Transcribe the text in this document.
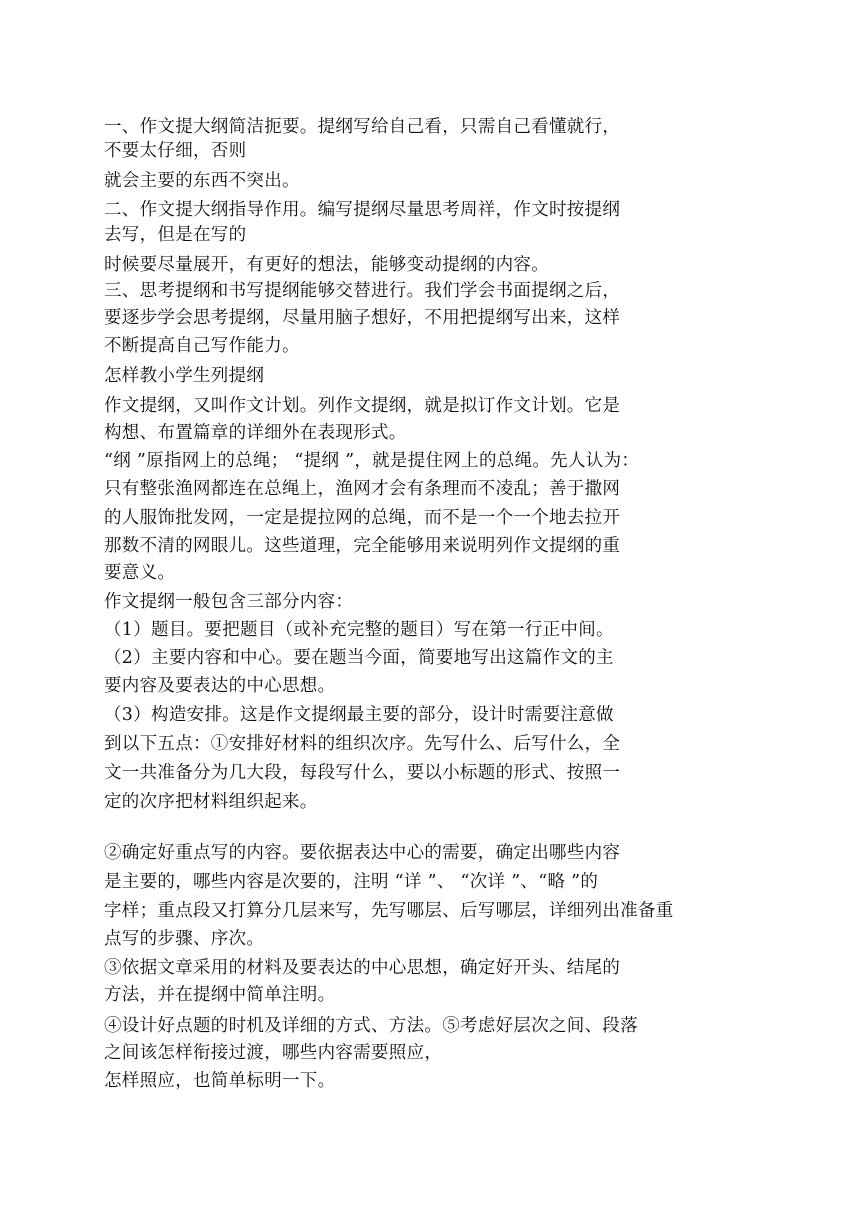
一、作文提大纲简洁扼要。提纲写给自己看，只需自己看懂就行，
不要太仔细，否则
就会主要的东西不突出。
二、作文提大纲指导作用。编写提纲尽量思考周祥，作文时按提纲
去写，但是在写的
时候要尽量展开，有更好的想法，能够变动提纲的内容。
三、思考提纲和书写提纲能够交替进行。我们学会书面提纲之后，
要逐步学会思考提纲，尽量用脑子想好，不用把提纲写出来，这样
不断提高自己写作能力。
怎样教小学生列提纲
作文提纲，又叫作文计划。列作文提纲，就是拟订作文计划。它是
构想、布置篇章的详细外在表现形式。
“纲 ”原指网上的总绳； “提纲 ”，就是提住网上的总绳。先人认为：
只有整张渔网都连在总绳上，渔网才会有条理而不凌乱；善于撒网
的人服饰批发网，一定是提拉网的总绳，而不是一个一个地去拉开
那数不清的网眼儿。这些道理，完全能够用来说明列作文提纲的重
要意义。
作文提纲一般包含三部分内容：
（1）题目。要把题目（或补充完整的题目）写在第一行正中间。
（2）主要内容和中心。要在题当今面，简要地写出这篇作文的主
要内容及要表达的中心思想。
（3）构造安排。这是作文提纲最主要的部分，设计时需要注意做
到以下五点：①安排好材料的组织次序。先写什么、后写什么，全
文一共准备分为几大段，每段写什么，要以小标题的形式、按照一
定的次序把材料组织起来。
②确定好重点写的内容。要依据表达中心的需要，确定出哪些内容
是主要的，哪些内容是次要的，注明 “详 ”、 “次详 ”、“略 ”的
字样；重点段又打算分几层来写，先写哪层、后写哪层，详细列出准备重
点写的步骤、序次。
③依据文章采用的材料及要表达的中心思想，确定好开头、结尾的
方法，并在提纲中简单注明。
④设计好点题的时机及详细的方式、方法。⑤考虑好层次之间、段落
之间该怎样衔接过渡，哪些内容需要照应，
怎样照应，也简单标明一下。
